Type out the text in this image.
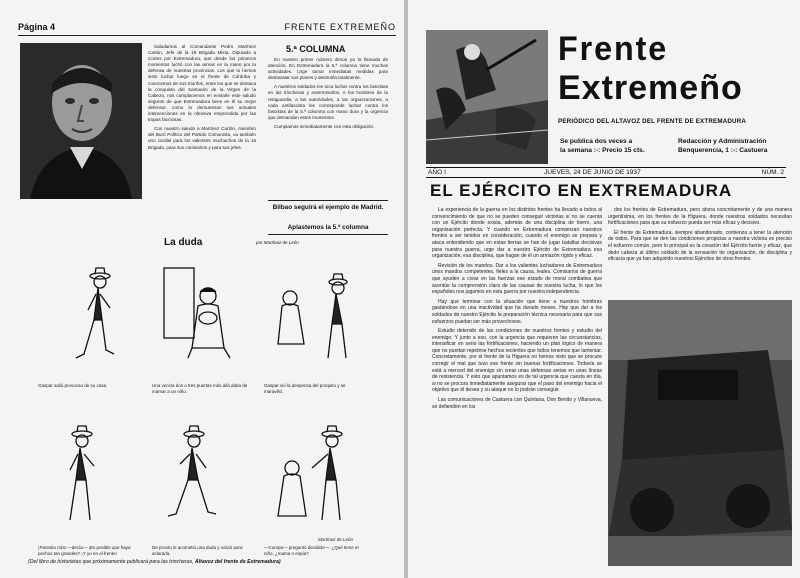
Página 4	FRENTE EXTREMEÑO

Saludamos al Comandante Pedro Martínez Cartón, Jefe de la 16 Brigada Mixta, Diputado a Cortes por Extremadura, que desde los primeros momentos luchó con las armas en la mano por la defensa de nuestras provincias. Los que lo hemos visto luchar luego en el frente de Córdoba y conocemos de sus triunfos, entre los que se destaca la conquista del Santuario de la Virgen de la Cabeza, nos complacemos en enviarle este saludo seguros de que Extremadura tiene en él su mejor defensor, como lo demuestran sus actuales intervenciones en la ofensiva emprendida por las tropas facciosas.

Con nuestro saludo a Martínez Cartón, miembro del Buró Político del Partido Comunista, va también uno cordial para los valientes muchachos de la 16 Brigada, para sus comisarios y para sus jefes.

5.ª COLUMNA

En nuestro primer número dimos ya la llamada de atención. En Extremadura la 5.ª columna tiene muchas actividades. Urge tomar inmediatas medidas para desbaratar sus planes y destruirla totalmente.

A nuestros soldados les toca luchar contra los fascistas en las trincheras y exterminarlos. A los hombres de la retaguardia, a las autoridades, a las organizaciones, a cada antifascista les corresponde luchar contra los fascistas de la 5.ª columna con mano dura y la urgencia que demandan estos momentos.

Cumplamos inmediatamente con esta obligación.

Bilbao seguirá el ejemplo de Madrid.
Aplastemos la 5.ª columna
La duda	por Martínez de León
Gaspar salió provocao de su casa.	Una vecina dos o tres puertas más allá daba de mamar a un niño.
Gaspar vió la despensa del porquito y se maravilló.
¡Paresito mía! —decía— ¡Es posible que haya pechos tan grandes? ¡Y yo en el frente!
De pronto le acometió una duda y volvió para aclararla.
—Cumpa— preguntó decidido—. ¿Qué tiene er niño, ¿mama o espía?
Martínez de León
(Del libro de historietas que próximamente publicará para las trincheras, Altavoz del frente de Extremadura)
Frente
Extremeño
PERIÓDICO DEL ALTAVOZ DEL FRENTE DE EXTREMADURA
Se publica dos veces a
la semana :-: Precio 15 cts.
Redacción y Administración
Benquerencia, 1 :-: Castuera
AÑO I	JUEVES, 24 DE JUNIO DE 1937	NÚM. 2
EL EJÉRCITO EN EXTREMADURA

La experiencia de la guerra en los distintos frentes ha llevado a todos al convencimiento de que no se pueden conseguir victorias si no se cuenta con un Ejército donde exista, además de una disciplina de hierro, una organización perfecta. Y cuando en Extremadura comienzan nuestros frentes a ser tenidos en consideración, cuando el enemigo se prepara y ataca entendiendo que en estas tierras se han de jugar batallas decisivas para nuestra guerra, urge dar a nuestro Ejército de Extremadura esa organización, esa disciplina, que hagan de él un armazón rígido y eficaz.

Revisión de los mandos. Dar a los valientes luchadores de Extremadura unos mandos competentes, fieles a la causa, leales. Comisarios de guerra que ayuden a crear en las fuerzas ese estado de moral combativa que acentúe la comprensión clara de las causas de nuestra lucha, lo que los españoles nos jugamos en esta guerra por nuestra independencia.

Hay que terminar con la situación que tiene a nuestros hombres gastándose en una inactividad que ha durado meses. Hay que dar a los soldados de nuestro Ejército la preparación técnica necesaria para que sus esfuerzos puedan ser más provechosos.

Estudio detenido de las condiciones de nuestros frentes y estudio del enemigo. Y junto a eso, con la urgencia que requieren las circunstancias, intensificar en serio las fortificaciones, haciendo un plan lógico de manera que no puedan repetirse hechos recientes que todos tenemos que lamentar. Concretamente, por el frente de la Higuera no hemos visto que se procure corregir el mal que tuvo ese frente sin buenas fortificaciones. Todavía se está a merced del enemigo sin crear unas defensas serias en unas líneas de resistencia. Y esto que apuntamos es de tal urgencia que cuesta en día, si no se procura inmediatamente asegurar que el paso del enemigo hacia el objetivo que él desea y su ataque no lo podrán conseguir.

Las comunicaciones de Castuera con Quintana, Don Benito y Villanueva, se defienden en los

dos los frentes de Extremadura, pero ahora concretamente y de una manera urgentísima, en los frentes de la Higuera, donde nuestros soldados necesitan fortificaciones para que su esfuerzo pueda ser más eficaz y decisivo.

El frente de Extremadura, siempre abandonado, comienza a tener la atención de todos. Para que se den las condiciones propicias a nuestra victoria es preciso el esfuerzo común, pero lo principal es la creación del Ejército fuerte y eficaz, que dedo cabeza al último soldado de la sensación de organización, de disciplina y eficacia que ya han adquirido nuestros Ejércitos de otros frentes.
